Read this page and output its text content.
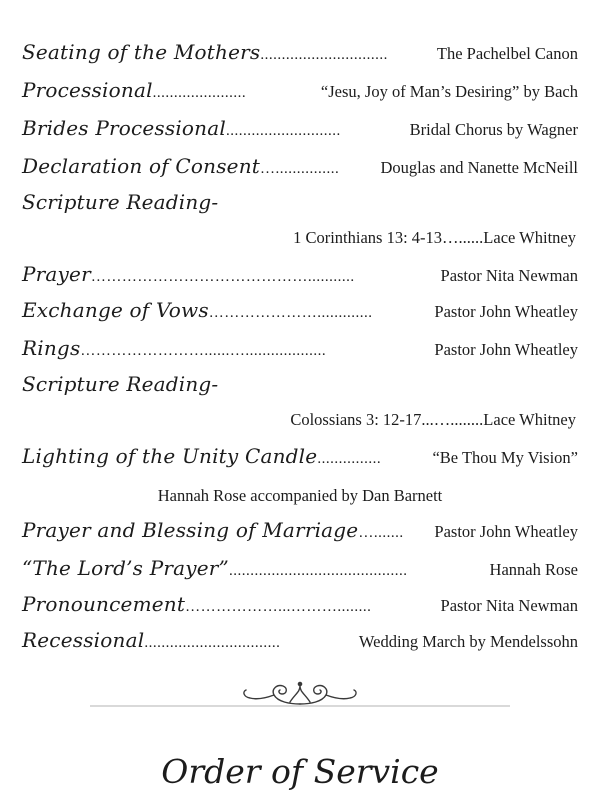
Seating of the Mothers ..............................	The Pachelbel Canon
Processional ......................	“Jesu, Joy of Man’s Desiring” by Bach
Brides Processional ...........................	Bridal Chorus by Wagner
Declaration of Consent …...............	Douglas and Nanette McNeill
Scripture Reading-
1 Corinthians 13: 4-13 …...... Lace Whitney
Prayer ……………………………………...........	Pastor Nita Newman
Exchange of Vows ………………….............	Pastor John Wheatley
Rings ……………………......…...................	Pastor John Wheatley
Scripture Reading-
Colossians 3: 12-17 ...…........ Lace Whitney
Lighting of the Unity Candle ...............	“Be Thou My Vision”
Hannah Rose accompanied by Dan Barnett
Prayer and Blessing of Marriage ….......	Pastor John Wheatley
“The Lord’s Prayer” ..........................................	Hannah Rose
Pronouncement ………………...………........	Pastor Nita Newman
Recessional ................................	Wedding March by Mendelssohn
Order of Service
